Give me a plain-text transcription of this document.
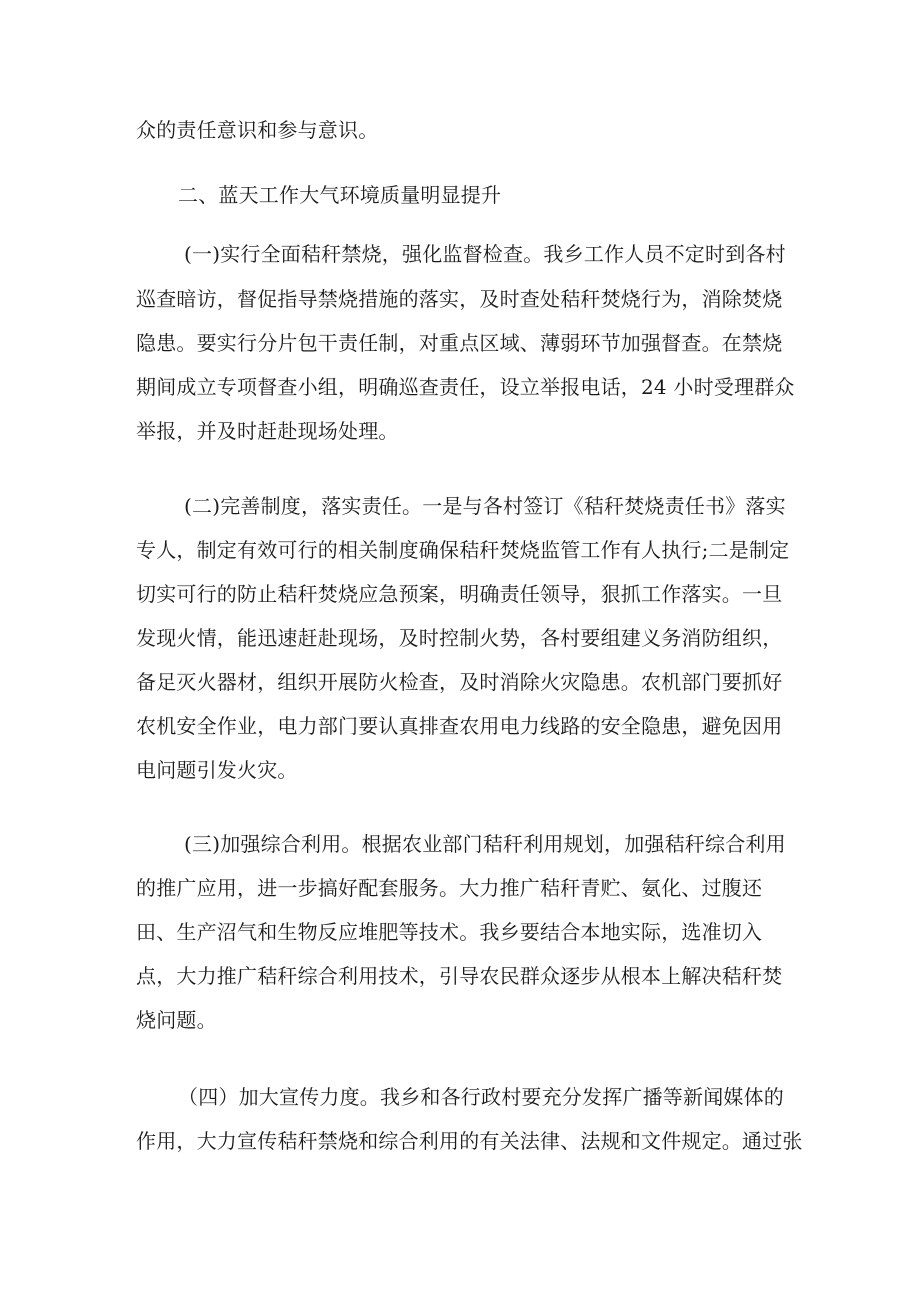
众的责任意识和参与意识。
二、蓝天工作大气环境质量明显提升
(一)实行全面秸秆禁烧，强化监督检查。我乡工作人员不定时到各村
巡查暗访，督促指导禁烧措施的落实，及时查处秸秆焚烧行为，消除焚烧
隐患。要实行分片包干责任制，对重点区域、薄弱环节加强督查。在禁烧
期间成立专项督查小组，明确巡查责任，设立举报电话，24 小时受理群众
举报，并及时赶赴现场处理。
(二)完善制度，落实责任。一是与各村签订《秸秆焚烧责任书》落实
专人，制定有效可行的相关制度确保秸秆焚烧监管工作有人执行;二是制定
切实可行的防止秸秆焚烧应急预案，明确责任领导，狠抓工作落实。一旦
发现火情，能迅速赶赴现场，及时控制火势，各村要组建义务消防组织，
备足灭火器材，组织开展防火检查，及时消除火灾隐患。农机部门要抓好
农机安全作业，电力部门要认真排查农用电力线路的安全隐患，避免因用
电问题引发火灾。
(三)加强综合利用。根据农业部门秸秆利用规划，加强秸秆综合利用
的推广应用，进一步搞好配套服务。大力推广秸秆青贮、氨化、过腹还
田、生产沼气和生物反应堆肥等技术。我乡要结合本地实际，选准切入
点，大力推广秸秆综合利用技术，引导农民群众逐步从根本上解决秸秆焚
烧问题。
（四）加大宣传力度。我乡和各行政村要充分发挥广播等新闻媒体的
作用，大力宣传秸秆禁烧和综合利用的有关法律、法规和文件规定。通过张
